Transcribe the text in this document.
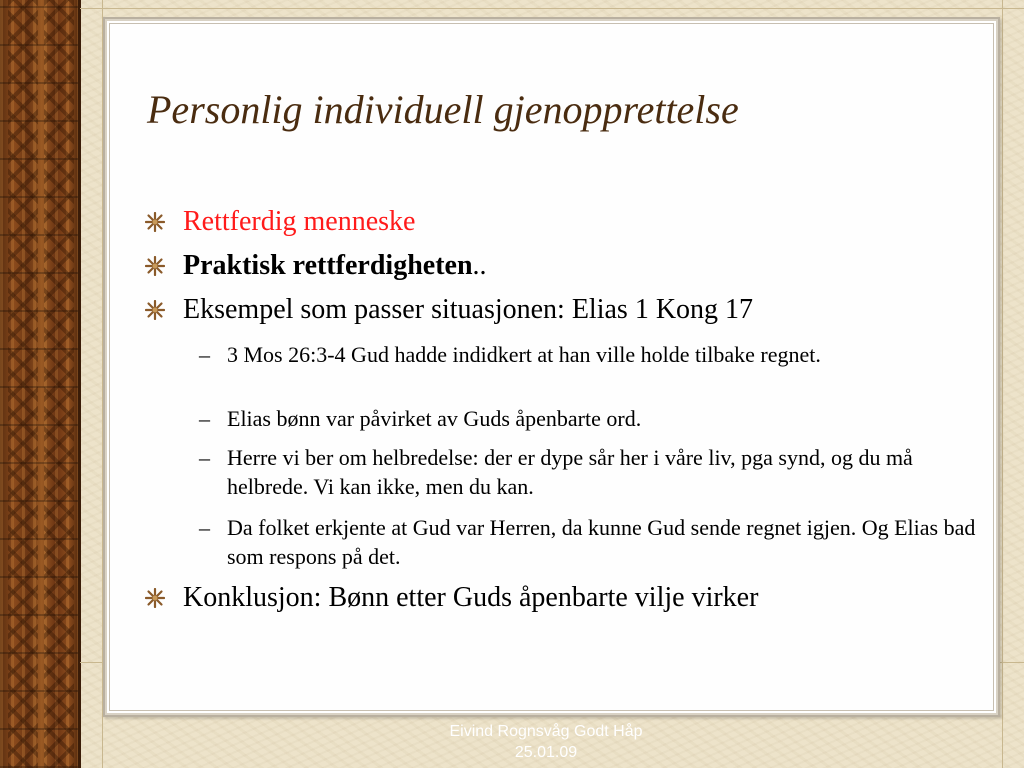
Personlig individuell gjenopprettelse
Rettferdig menneske
Praktisk rettferdigheten..
Eksempel som passer situasjonen: Elias 1 Kong 17
– 3 Mos 26:3-4 Gud hadde indidkert at han ville holde tilbake regnet.
– Elias bønn var påvirket av Guds åpenbarte ord.
– Herre vi ber om helbredelse: der er dype sår her i våre liv, pga synd, og du må helbrede. Vi kan ikke, men du kan.
– Da folket erkjente at Gud var Herren, da kunne Gud sende regnet igjen. Og Elias bad som respons på det.
Konklusjon: Bønn etter Guds åpenbarte vilje virker
Eivind Rognsvåg Godt Håp
25.01.09
